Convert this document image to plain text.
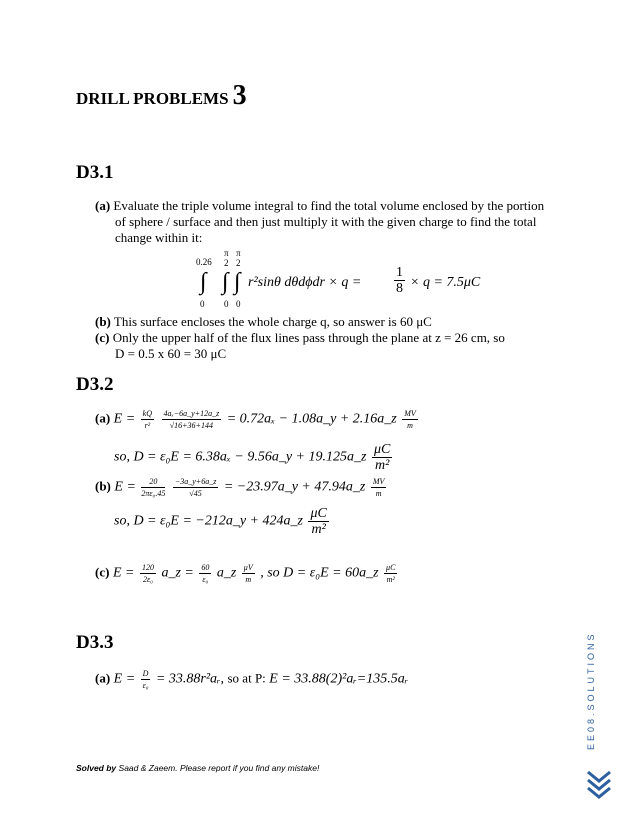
DRILL PROBLEMS 3
D3.1
(a) Evaluate the triple volume integral to find the total volume enclosed by the portion
of sphere / surface and then just multiply it with the given charge to find the total
change within it:
0.26
π
2
π
2
∫ ∫ ∫
0 0 0
r²sinθ $d\theta d\phi dr \times q = \frac{1}{8} \times q = 7.5\mu C$
(b) This surface encloses the whole charge q, so answer is 60 μC
(c) Only the upper half of the flux lines pass through the plane at z = 26 cm, so
D = 0.5 x 60 = 30 μC
D3.2
(a) $E = \frac{kQ}{\text{r²}}$
$\frac{\text{4aₓ−6a\_y+12a\_z}}{√16+36+144} = 0.72a_x$ − 1.08a_y + 2.16a_z $\frac{MV}{m}$
so, D = ε₀E = 6.38aₓ − 9.56a_y + 19.125a_z $\frac{\mu C}{\text{m²}}$
(b) $E = \frac{20}{\text{2πε₀.45}}$
$\frac{-3a\_y+6a\_z}{√45}$ = −23.97a_y + 47.94a_z $\frac{MV}{m}$
so, D = ε₀E = −212a_y + 424a_z $\frac{\mu C}{\text{m²}}$
(c) $E = \frac{120}{\text{2ε₀}}$ a_z = $\frac{60}{\text{ε₀}}$ a_z $\frac{\mu V}{m}$ , so D = ε₀E = 60a_z $\frac{\mu C}{\text{m²}}$
D3.3
(a) $E = \frac{D}{\text{ε₀}}$ = 33.88r²aᵣ, so at P: E = 33.88(2)²aᵣ=135.5aᵣ
Solved by Saad & Zaeem. Please report if you find any mistake!
EE08.SOLUTIONS
